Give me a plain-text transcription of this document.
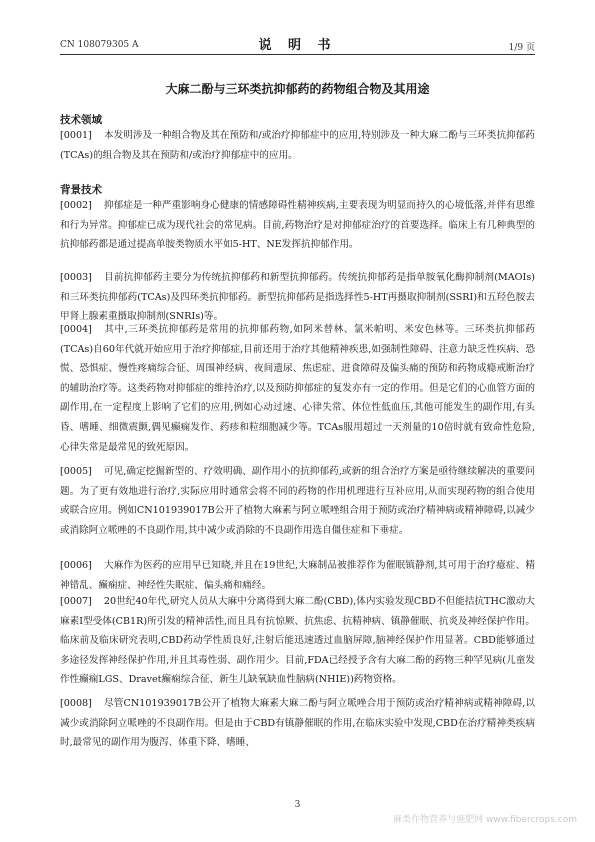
CN 108079305 A	说 明 书	1/9 页
大麻二酚与三环类抗抑郁药的药物组合物及其用途
技术领域
[0001] 本发明涉及一种组合物及其在预防和/或治疗抑郁症中的应用,特别涉及一种大麻二酚与三环类抗抑郁药(TCAs)的组合物及其在预防和/或治疗抑郁症中的应用。
背景技术
[0002] 抑郁症是一种严重影响身心健康的情感障碍性精神疾病,主要表现为明显而持久的心境低落,并伴有思维和行为异常。抑郁症已成为现代社会的常见病。目前,药物治疗是对抑郁症治疗的首要选择。临床上有几种典型的抗抑郁药都是通过提高单胺类物质水平如5-HT、NE发挥抗抑郁作用。
[0003] 目前抗抑郁药主要分为传统抗抑郁药和新型抗抑郁药。传统抗抑郁药是指单胺氧化酶抑制剂(MAOIs)和三环类抗抑郁药(TCAs)及四环类抗抑郁药。新型抗抑郁药是指选择性5-HT再摄取抑制剂(SSRI)和五羟色胺去甲肾上腺素重摄取抑制剂(SNRIs)等。
[0004] 其中,三环类抗抑郁药是常用的抗抑郁药物,如阿米替林、氯米帕明、米安色林等。三环类抗抑郁药(TCAs)自60年代就开始应用于治疗抑郁症,目前还用于治疗其他精神疾患,如强制性障碍、注意力缺乏性疾病、恐慌、恐惧症、慢性疼痛综合征、周围神经病、夜间遗尿、焦虑症、进食障碍及偏头痛的预防和药物成瘾戒断治疗的辅助治疗等。这类药物对抑郁症的维持治疗,以及预防抑郁症的复发亦有一定的作用。但是它们的心血管方面的副作用,在一定程度上影响了它们的应用,例如心动过速、心律失常、体位性低血压,其他可能发生的副作用,有头昏、嗜睡、细微震颤,偶见癫痫发作、药疹和粒细胞减少等。TCAs服用超过一天剂量的10倍时就有致命性危险,心律失常是最常见的致死原因。
[0005] 可见,确定挖掘新型的、疗效明确、副作用小的抗抑郁药,或新的组合治疗方案是亟待继续解决的重要问题。为了更有效地进行治疗,实际应用时通常会将不同的药物的作用机理进行互补应用,从而实现药物的组合使用或联合应用。例如CN101939017B公开了植物大麻素与阿立哌唑组合用于预防或治疗精神病或精神障碍,以减少或消除阿立哌唑的不良副作用,其中减少或消除的不良副作用选自僵住症和下垂症。
[0006] 大麻作为医药的应用早已知晓,并且在19世纪,大麻制品被推荐作为催眠镇静剂,其可用于治疗癔症、精神错乱、癫痫症、神经性失眠症、偏头痛和痛经。
[0007] 20世纪40年代,研究人员从大麻中分离得到大麻二酚(CBD),体内实验发现CBD不但能拮抗THC激动大麻素I型受体(CB1R)所引发的精神活性,而且具有抗惊厥、抗焦虑、抗精神病、镇静催眠、抗炎及神经保护作用。临床前及临床研究表明,CBD药动学性质良好,注射后能迅速透过血脑屏障,脑神经保护作用显著。CBD能够通过多途径发挥神经保护作用,并且其毒性弱、副作用少。目前,FDA已经授予含有大麻二酚的药物三种罕见病(儿童发作性癫痫LGS、Dravet癫痫综合征、新生儿缺氧缺血性脑病(NHIE))药物资格。
[0008] 尽管CN101939017B公开了植物大麻素大麻二酚与阿立哌唑合用于预防或治疗精神病或精神障碍,以减少或消除阿立哌唑的不良副作用。但是由于CBD有镇静催眠的作用,在临床实验中发现,CBD在治疗精神类疾病时,最常见的副作用为腹泻、体重下降、嗜睡、
3
麻类作物营养与施肥网 www.fibercrops.com
